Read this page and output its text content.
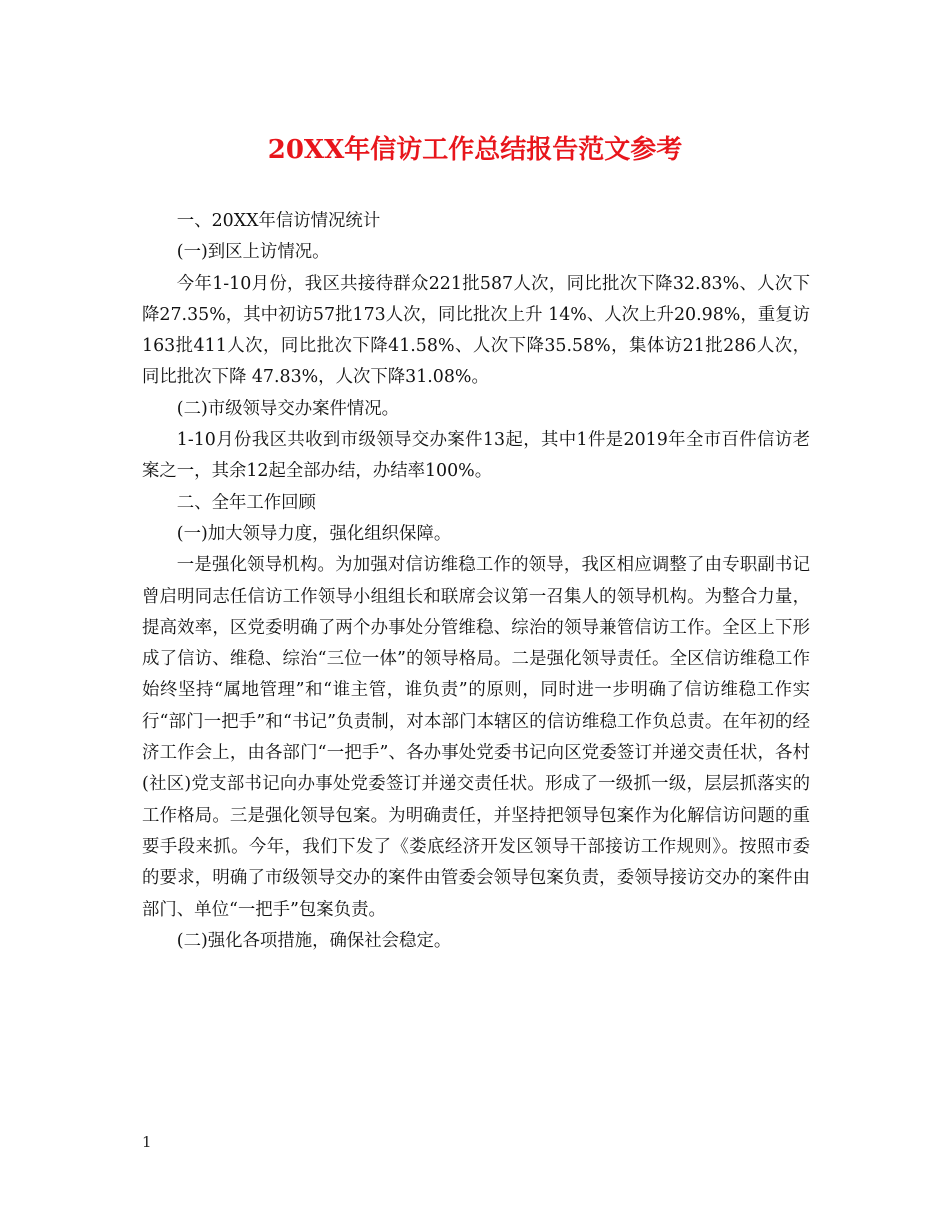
20XX年信访工作总结报告范文参考

一、20XX年信访情况统计

(一)到区上访情况。

今年1-10月份，我区共接待群众221批587人次，同比批次下降32.83%、人次下降27.35%，其中初访57批173人次，同比批次上升 14%、人次上升20.98%，重复访163批411人次，同比批次下降41.58%、人次下降35.58%，集体访21批286人次，同比批次下降 47.83%，人次下降31.08%。

(二)市级领导交办案件情况。

1-10月份我区共收到市级领导交办案件13起，其中1件是2019年全市百件信访老案之一，其余12起全部办结，办结率100%。

二、全年工作回顾

(一)加大领导力度，强化组织保障。

一是强化领导机构。为加强对信访维稳工作的领导，我区相应调整了由专职副书记曾启明同志任信访工作领导小组组长和联席会议第一召集人的领导机构。为整合力量，提高效率，区党委明确了两个办事处分管维稳、综治的领导兼管信访工作。全区上下形成了信访、维稳、综治“三位一体”的领导格局。二是强化领导责任。全区信访维稳工作始终坚持“属地管理”和“谁主管，谁负责”的原则，同时进一步明确了信访维稳工作实行“部门一把手”和“书记”负责制，对本部门本辖区的信访维稳工作负总责。在年初的经济工作会上，由各部门“一把手”、各办事处党委书记向区党委签订并递交责任状，各村(社区)党支部书记向办事处党委签订并递交责任状。形成了一级抓一级，层层抓落实的工作格局。三是强化领导包案。为明确责任，并坚持把领导包案作为化解信访问题的重要手段来抓。今年，我们下发了《娄底经济开发区领导干部接访工作规则》。按照市委的要求，明确了市级领导交办的案件由管委会领导包案负责，委领导接访交办的案件由部门、单位“一把手”包案负责。

(二)强化各项措施，确保社会稳定。

1
